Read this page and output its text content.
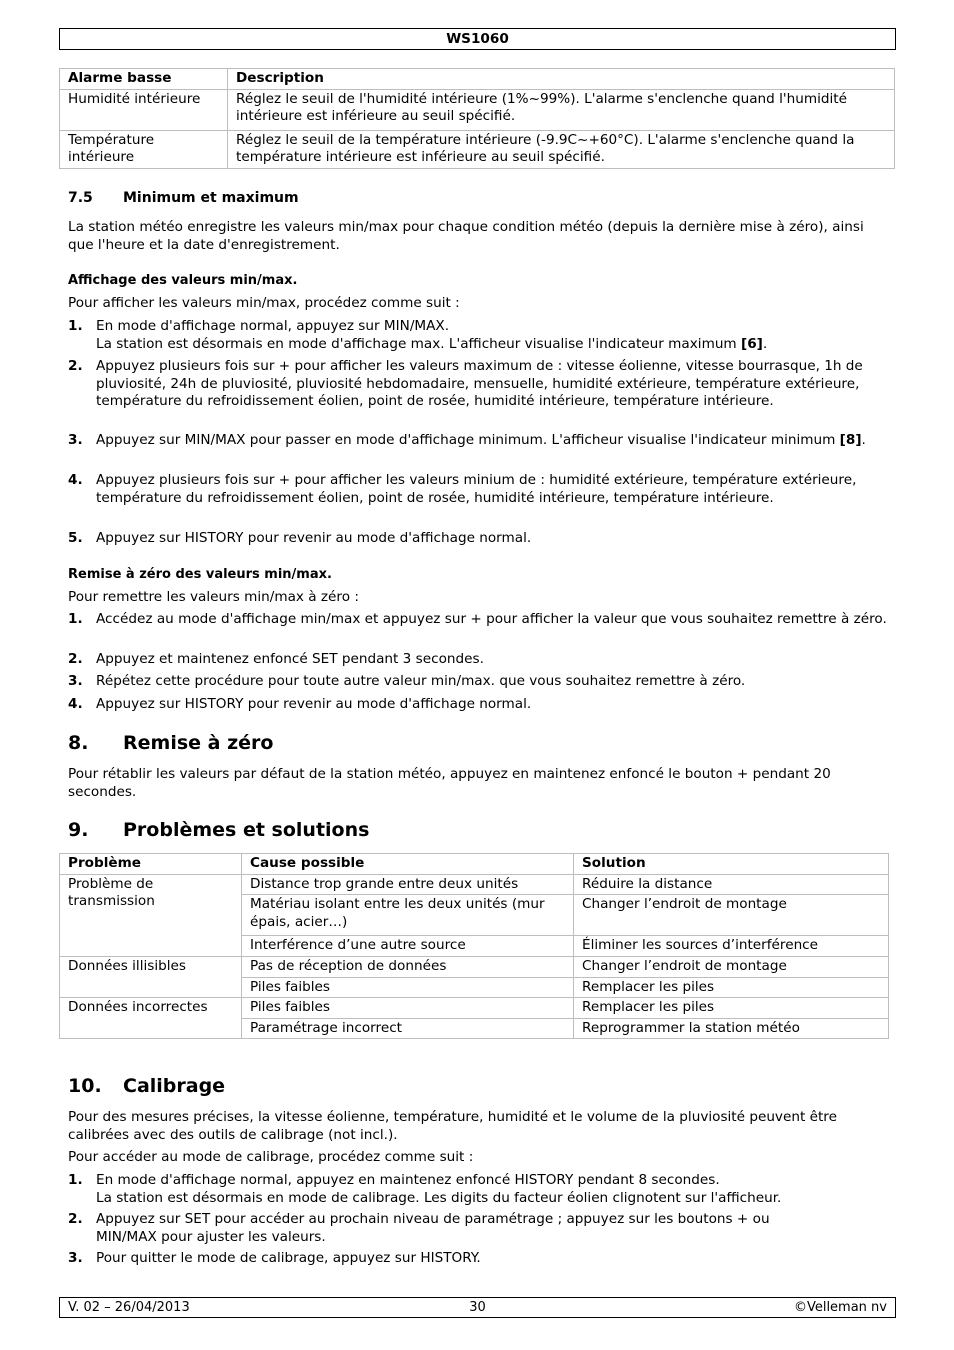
WS1060
Alarme basse	Description
Humidité intérieure	Réglez le seuil de l'humidité intérieure (1%~99%). L'alarme s'enclenche quand l'humidité intérieure est inférieure au seuil spécifié.
Température intérieure	Réglez le seuil de la température intérieure (-9.9C~+60°C). L'alarme s'enclenche quand la température intérieure est inférieure au seuil spécifié.
7.5 Minimum et maximum
La station météo enregistre les valeurs min/max pour chaque condition météo (depuis la dernière mise à zéro), ainsi que l'heure et la date d'enregistrement.
Affichage des valeurs min/max.
Pour afficher les valeurs min/max, procédez comme suit :
1. En mode d'affichage normal, appuyez sur MIN/MAX.
La station est désormais en mode d'affichage max. L'afficheur visualise l'indicateur maximum [6].
2. Appuyez plusieurs fois sur + pour afficher les valeurs maximum de : vitesse éolienne, vitesse bourrasque, 1h de pluviosité, 24h de pluviosité, pluviosité hebdomadaire, mensuelle, humidité extérieure, température extérieure, température du refroidissement éolien, point de rosée, humidité intérieure, température intérieure.
3. Appuyez sur MIN/MAX pour passer en mode d'affichage minimum. L'afficheur visualise l'indicateur minimum [8].
4. Appuyez plusieurs fois sur + pour afficher les valeurs minium de : humidité extérieure, température extérieure, température du refroidissement éolien, point de rosée, humidité intérieure, température intérieure.
5. Appuyez sur HISTORY pour revenir au mode d'affichage normal.
Remise à zéro des valeurs min/max.
Pour remettre les valeurs min/max à zéro :
1. Accédez au mode d'affichage min/max et appuyez sur + pour afficher la valeur que vous souhaitez remettre à zéro.
2. Appuyez et maintenez enfoncé SET pendant 3 secondes.
3. Répétez cette procédure pour toute autre valeur min/max. que vous souhaitez remettre à zéro.
4. Appuyez sur HISTORY pour revenir au mode d'affichage normal.
8. Remise à zéro
Pour rétablir les valeurs par défaut de la station météo, appuyez en maintenez enfoncé le bouton + pendant 20 secondes.
9. Problèmes et solutions
Problème	Cause possible	Solution
Problème de transmission	Distance trop grande entre deux unités	Réduire la distance
	Matériau isolant entre les deux unités (mur épais, acier…)	Changer l’endroit de montage
	Interférence d’une autre source	Éliminer les sources d’interférence
Données illisibles	Pas de réception de données	Changer l’endroit de montage
	Piles faibles	Remplacer les piles
Données incorrectes	Piles faibles	Remplacer les piles
	Paramétrage incorrect	Reprogrammer la station météo
10. Calibrage
Pour des mesures précises, la vitesse éolienne, température, humidité et le volume de la pluviosité peuvent être calibrées avec des outils de calibrage (not incl.).
Pour accéder au mode de calibrage, procédez comme suit :
1. En mode d'affichage normal, appuyez en maintenez enfoncé HISTORY pendant 8 secondes.
La station est désormais en mode de calibrage. Les digits du facteur éolien clignotent sur l'afficheur.
2. Appuyez sur SET pour accéder au prochain niveau de paramétrage ; appuyez sur les boutons + ou MIN/MAX pour ajuster les valeurs.
3. Pour quitter le mode de calibrage, appuyez sur HISTORY.
V. 02 – 26/04/2013	30	©Velleman nv
